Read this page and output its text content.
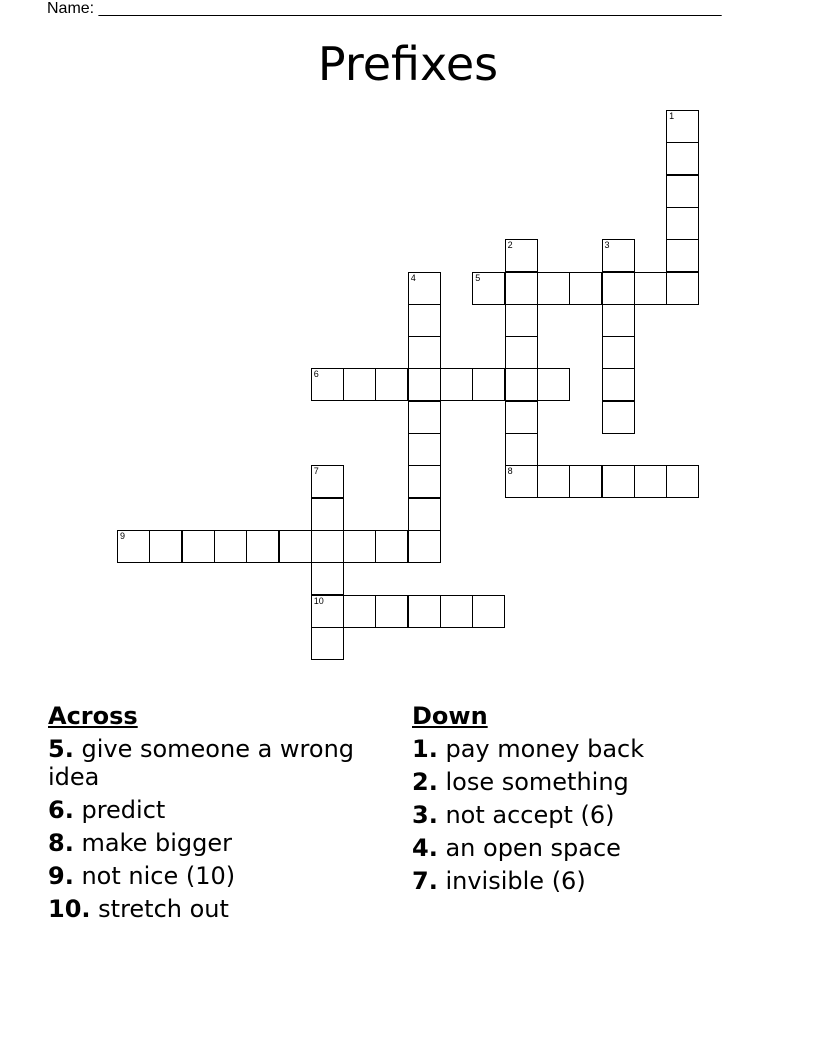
Name: ______________________________________________________________________
Prefixes
1
2	3
4	5
6
7
10
8
9
Across
5. give someone a wrong idea
6. predict
8. make bigger
9. not nice (10)
10. stretch out
Down
1. pay money back
2. lose something
3. not accept (6)
4. an open space
7. invisible (6)
